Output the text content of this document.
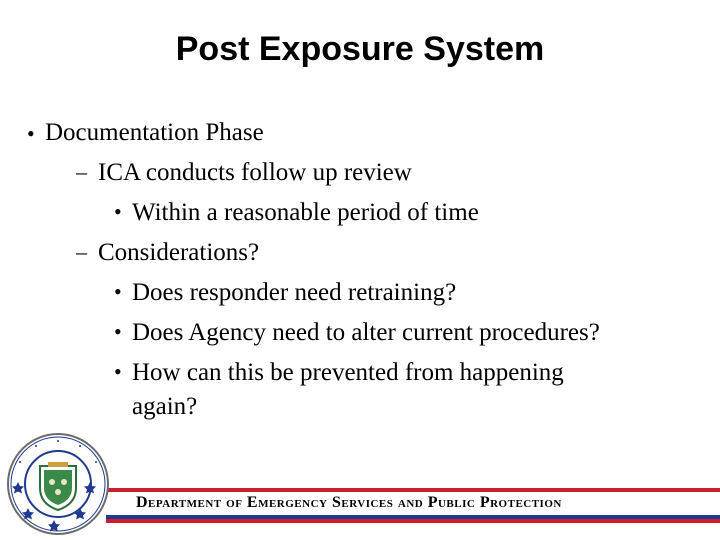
Post Exposure System
• Documentation Phase
– ICA conducts follow up review
• Within a reasonable period of time
– Considerations?
• Does responder need retraining?
• Does Agency need to alter current procedures?
• How can this be prevented from happening
again?
Department of Emergency Services and Public Protection
